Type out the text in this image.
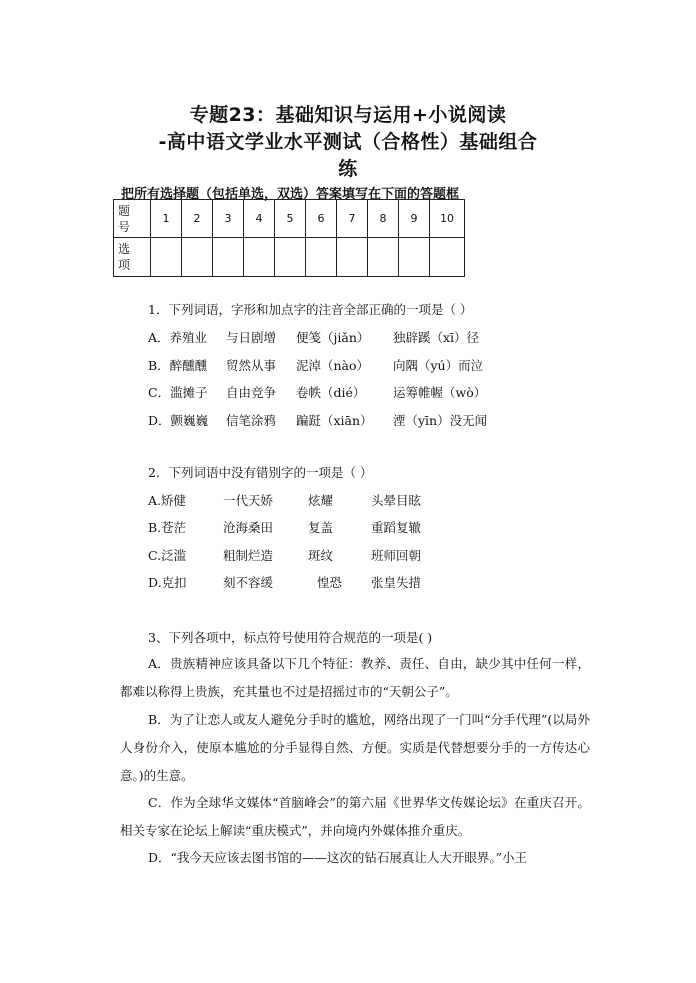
专题23：基础知识与运用+小说阅读
-高中语文学业水平测试（合格性）基础组合
练
把所有选择题（包括单选，双选）答案填写在下面的答题框
题
号	1	2	3	4	5	6	7	8	9	10

选
项										

1．下列词语，字形和加点字的注音全部正确的一项是（ ）
A．养殖业 与日剧增 便笺（jiǎn） 独辟蹊（xī）径
B．醉醺醺 贸然从事 泥淖（nào） 向隅（yú）而泣
C．滥摊子 自由竞争 卷帙（dié） 运筹帷幄（wò）
D．颤巍巍 信笔涂鸦 蹁跹（xiān） 湮（yīn）没无闻
2．下列词语中没有错别字的一项是（ ）
A.矫健	一代天娇	炫耀	头晕目眩
B.苍茫	沧海桑田	复盖	重蹈复辙
C.泛滥	粗制烂造	斑纹	班师回朝
D.克扣	刻不容缓	惶恐 张皇失措
3、下列各项中，标点符号使用符合规范的一项是( )
A．贵族精神应该具备以下几个特征：教养、责任、自由，缺少其中任何一样，都难以称得上贵族，充其量也不过是招摇过市的“天朝公子”。
B．为了让恋人或友人避免分手时的尴尬，网络出现了一门叫“分手代理”(以局外人身份介入，使原本尴尬的分手显得自然、方便。实质是代替想要分手的一方传达心意。)的生意。
C．作为全球华文媒体“首脑峰会”的第六届《世界华文传媒论坛》在重庆召开。相关专家在论坛上解读“重庆模式”，并向境内外媒体推介重庆。
D．“我今天应该去图书馆的——这次的钻石展真让人大开眼界。”小王
